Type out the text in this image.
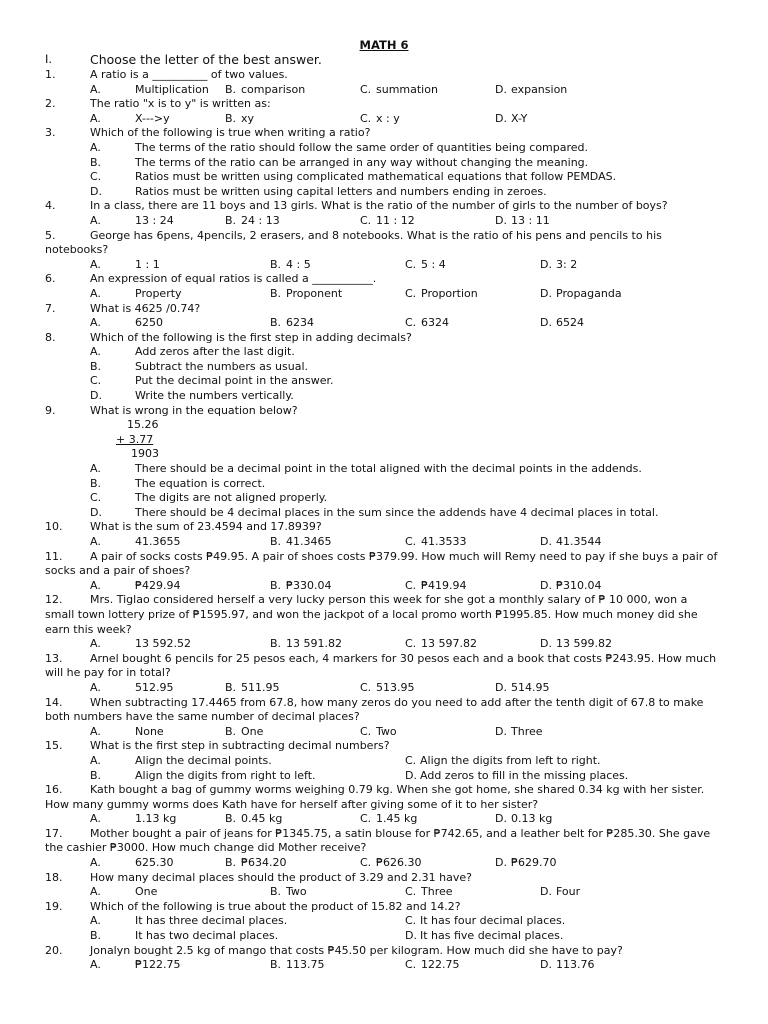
MATH 6
I.	Choose the letter of the best answer.
1.	A ratio is a __________ of two values.
A.	Multiplication B. comparison	C. summation	D. expansion
2.	The ratio "x is to y" is written as:
A.	X--->y	B. xy	C. x : y	D. X-Y
3.	Which of the following is true when writing a ratio?
A.	The terms of the ratio should follow the same order of quantities being compared.
B.	The terms of the ratio can be arranged in any way without changing the meaning.
C.	Ratios must be written using complicated mathematical equations that follow PEMDAS.
D.	Ratios must be written using capital letters and numbers ending in zeroes.
4.	In a class, there are 11 boys and 13 girls. What is the ratio of the number of girls to the number of boys?
A.	13 : 24	B. 24 : 13	C. 11 : 12	D. 13 : 11
5.	George has 6pens, 4pencils, 2 erasers, and 8 notebooks. What is the ratio of his pens and pencils to his
notebooks?
A.	1 : 1	B. 4 : 5	C. 5 : 4	D. 3: 2
6.	An expression of equal ratios is called a ___________.
A.	Property	B. Proponent	C. Proportion	D. Propaganda
7.	What is 4625 /0.74?
A.	6250	B. 6234	C. 6324	D. 6524
8.	Which of the following is the first step in adding decimals?
A.	Add zeros after the last digit.
B.	Subtract the numbers as usual.
C.	Put the decimal point in the answer.
D.	Write the numbers vertically.
9.	What is wrong in the equation below?
15.26
+ 3.77
1903
A.	There should be a decimal point in the total aligned with the decimal points in the addends.
B.	The equation is correct.
C.	The digits are not aligned properly.
D.	There should be 4 decimal places in the sum since the addends have 4 decimal places in total.
10.	What is the sum of 23.4594 and 17.8939?
A.	41.3655	B. 41.3465	C. 41.3533	D. 41.3544
11.	A pair of socks costs ₱49.95. A pair of shoes costs ₱379.99. How much will Remy need to pay if she buys a pair of
socks and a pair of shoes?
A.	₱429.94	B. ₱330.04	C. ₱419.94	D. ₱310.04
12.	Mrs. Tiglao considered herself a very lucky person this week for she got a monthly salary of ₱ 10 000, won a
small town lottery prize of ₱1595.97, and won the jackpot of a local promo worth ₱1995.85. How much money did she
earn this week?
A.	13 592.52	B. 13 591.82	C. 13 597.82	D. 13 599.82
13.	Arnel bought 6 pencils for 25 pesos each, 4 markers for 30 pesos each and a book that costs ₱243.95. How much
will he pay for in total?
A.	512.95	B. 511.95	C. 513.95	D. 514.95
14.	When subtracting 17.4465 from 67.8, how many zeros do you need to add after the tenth digit of 67.8 to make
both numbers have the same number of decimal places?
A.	None	B. One	C. Two	D. Three
15.	What is the first step in subtracting decimal numbers?
A.	Align the decimal points.	C. Align the digits from left to right.
B.	Align the digits from right to left.	D. Add zeros to fill in the missing places.
16.	Kath bought a bag of gummy worms weighing 0.79 kg. When she got home, she shared 0.34 kg with her sister.
How many gummy worms does Kath have for herself after giving some of it to her sister?
A.	1.13 kg	B. 0.45 kg	C. 1.45 kg	D. 0.13 kg
17.	Mother bought a pair of jeans for ₱1345.75, a satin blouse for ₱742.65, and a leather belt for ₱285.30. She gave
the cashier ₱3000. How much change did Mother receive?
A.	625.30	B. ₱634.20	C. ₱626.30	D. ₱629.70
18.	How many decimal places should the product of 3.29 and 2.31 have?
A.	One	B. Two	C. Three	D. Four
19.	Which of the following is true about the product of 15.82 and 14.2?
A.	It has three decimal places.	C. It has four decimal places.
B.	It has two decimal places.	D. It has five decimal places.
20.	Jonalyn bought 2.5 kg of mango that costs ₱45.50 per kilogram. How much did she have to pay?
A.	₱122.75	B. 113.75	C. 122.75	D. 113.76
